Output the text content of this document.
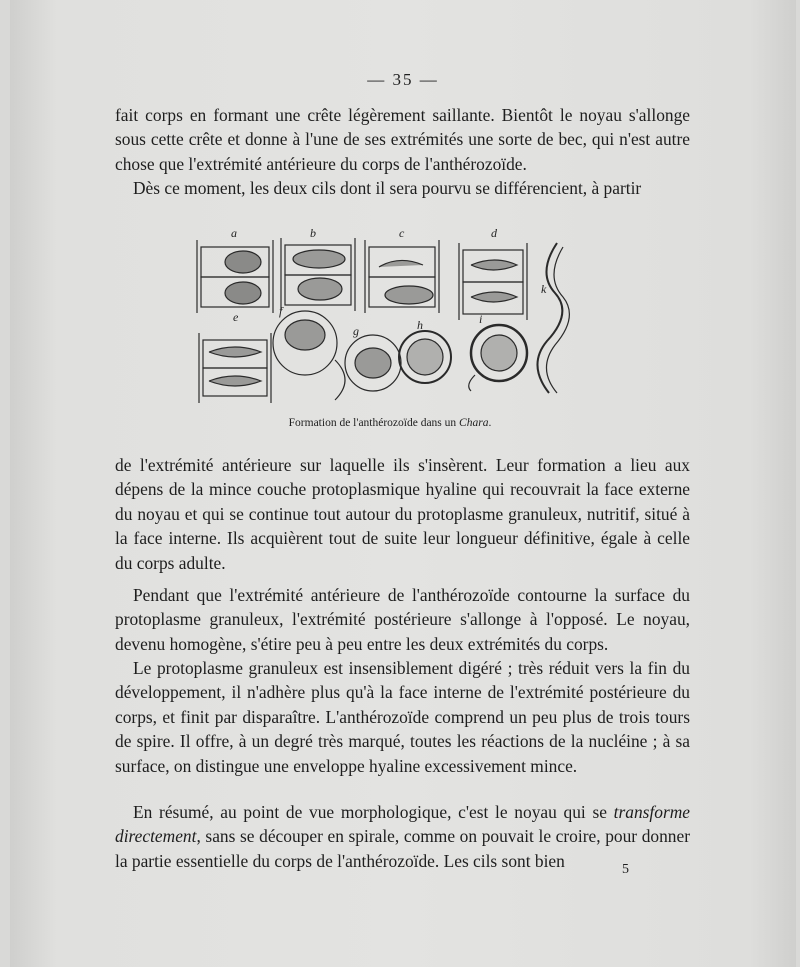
— 35 —

fait corps en formant une crête légèrement saillante. Bientôt le noyau s'allonge sous cette crête et donne à l'une de ses extrémités une sorte de bec, qui n'est autre chose que l'extrémité antérieure du corps de l'anthérozoïde.

Dès ce moment, les deux cils dont il sera pourvu se différencient, à partir

a	b	c	d
e	f
g	h	i
k
Formation de l'anthérozoïde dans un Chara.

de l'extrémité antérieure sur laquelle ils s'insèrent. Leur formation a lieu aux dépens de la mince couche protoplasmique hyaline qui recouvrait la face externe du noyau et qui se continue tout autour du protoplasme granuleux, nutritif, situé à la face interne. Ils acquièrent tout de suite leur longueur définitive, égale à celle du corps adulte.

Pendant que l'extrémité antérieure de l'anthérozoïde contourne la surface du protoplasme granuleux, l'extrémité postérieure s'allonge à l'opposé. Le noyau, devenu homogène, s'étire peu à peu entre les deux extrémités du corps.

Le protoplasme granuleux est insensiblement digéré ; très réduit vers la fin du développement, il n'adhère plus qu'à la face interne de l'extrémité postérieure du corps, et finit par disparaître. L'anthérozoïde comprend un peu plus de trois tours de spire. Il offre, à un degré très marqué, toutes les réactions de la nucléine ; à sa surface, on distingue une enveloppe hyaline excessivement mince.

En résumé, au point de vue morphologique, c'est le noyau qui se transforme directement, sans se découper en spirale, comme on pouvait le croire, pour donner la partie essentielle du corps de l'anthérozoïde. Les cils sont bien	5
